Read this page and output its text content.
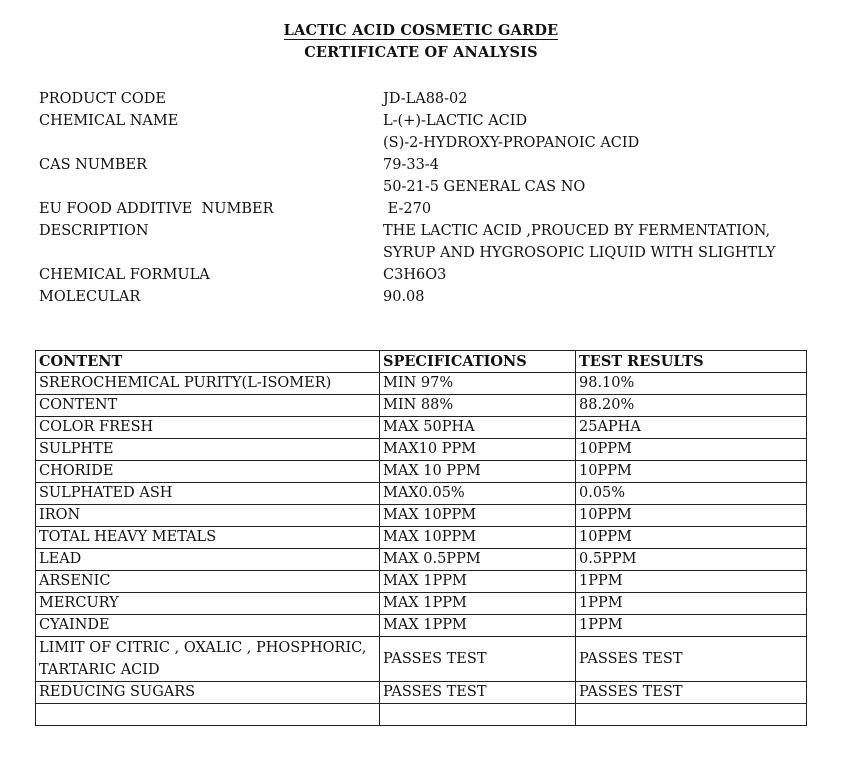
LACTIC ACID COSMETIC GARDE
CERTIFICATE OF ANALYSIS
PRODUCT CODE	JD-LA88-02
CHEMICAL NAME	L-(+)-LACTIC ACID
(S)-2-HYDROXY-PROPANOIC ACID
CAS NUMBER	79-33-4
50-21-5 GENERAL CAS NO
EU FOOD ADDITIVE  NUMBER	E-270
DESCRIPTION	THE LACTIC ACID ,PROUCED BY FERMENTATION,
SYRUP AND HYGROSOPIC LIQUID WITH SLIGHTLY
CHEMICAL FORMULA	C3H6O3
MOLECULAR	90.08
CONTENT	SPECIFICATIONS	TEST RESULTS
SREROCHEMICAL PURITY(L-ISOMER)	MIN 97%	98.10%
CONTENT	MIN 88%	88.20%
COLOR FRESH	MAX 50PHA	25APHA
SULPHTE	MAX10 PPM	10PPM
CHORIDE	MAX 10 PPM	10PPM
SULPHATED ASH	MAX0.05%	0.05%
IRON	MAX 10PPM	10PPM
TOTAL HEAVY METALS	MAX 10PPM	10PPM
LEAD	MAX 0.5PPM	0.5PPM
ARSENIC	MAX 1PPM	1PPM
MERCURY	MAX 1PPM	1PPM
CYAINDE	MAX 1PPM	1PPM
LIMIT OF CITRIC , OXALIC , PHOSPHORIC, TARTARIC ACID	PASSES TEST	PASSES TEST
REDUCING SUGARS	PASSES TEST	PASSES TEST
